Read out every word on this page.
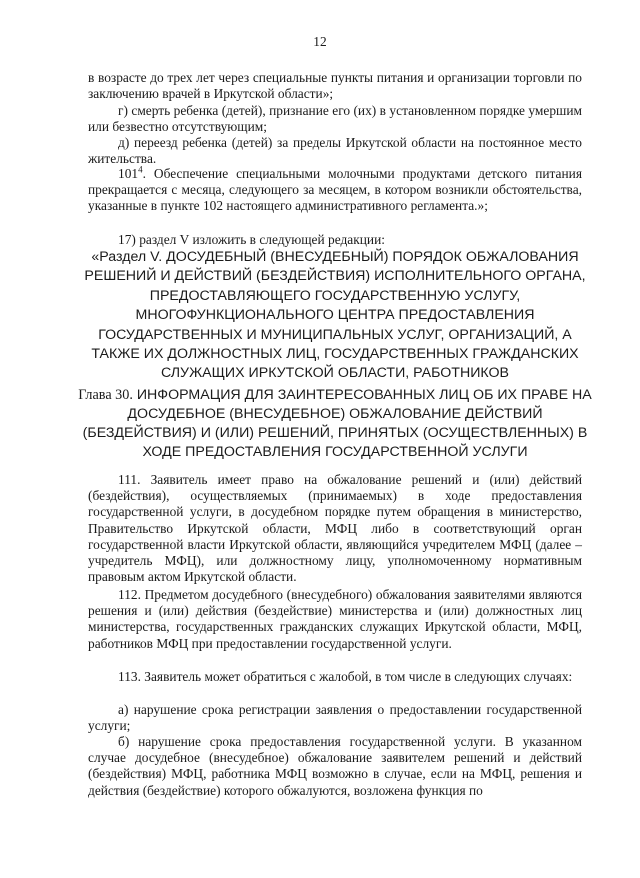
12

в возрасте до трех лет через специальные пункты питания и организации торговли по заключению врачей в Иркутской области»;

г) смерть ребенка (детей), признание его (их) в установленном порядке умершим или безвестно отсутствующим;

д) переезд ребенка (детей) за пределы Иркутской области на постоянное место жительства.

$101^4$. Обеспечение специальными молочными продуктами детского питания прекращается с месяца, следующего за месяцем, в котором возникли обстоятельства, указанные в пункте 102 настоящего административного регламента.»;

17) раздел V изложить в следующей редакции:

«Раздел V. ДОСУДЕБНЫЙ (ВНЕСУДЕБНЫЙ) ПОРЯДОК ОБЖАЛОВАНИЯ РЕШЕНИЙ И ДЕЙСТВИЙ (БЕЗДЕЙСТВИЯ) ИСПОЛНИТЕЛЬНОГО ОРГАНА, ПРЕДОСТАВЛЯЮЩЕГО ГОСУДАРСТВЕННУЮ УСЛУГУ, МНОГОФУНКЦИОНАЛЬНОГО ЦЕНТРА ПРЕДОСТАВЛЕНИЯ ГОСУДАРСТВЕННЫХ И МУНИЦИПАЛЬНЫХ УСЛУГ, ОРГАНИЗАЦИЙ, А ТАКЖЕ ИХ ДОЛЖНОСТНЫХ ЛИЦ, ГОСУДАРСТВЕННЫХ ГРАЖДАНСКИХ СЛУЖАЩИХ ИРКУТСКОЙ ОБЛАСТИ, РАБОТНИКОВ

Глава 30. ИНФОРМАЦИЯ ДЛЯ ЗАИНТЕРЕСОВАННЫХ ЛИЦ ОБ ИХ ПРАВЕ НА ДОСУДЕБНОЕ (ВНЕСУДЕБНОЕ) ОБЖАЛОВАНИЕ ДЕЙСТВИЙ (БЕЗДЕЙСТВИЯ) И (ИЛИ) РЕШЕНИЙ, ПРИНЯТЫХ (ОСУЩЕСТВЛЕННЫХ) В ХОДЕ ПРЕДОСТАВЛЕНИЯ ГОСУДАРСТВЕННОЙ УСЛУГИ

111. Заявитель имеет право на обжалование решений и (или) действий (бездействия), осуществляемых (принимаемых) в ходе предоставления государственной услуги, в досудебном порядке путем обращения в министерство, Правительство Иркутской области, МФЦ либо в соответствующий орган государственной власти Иркутской области, являющийся учредителем МФЦ (далее – учредитель МФЦ), или должностному лицу, уполномоченному нормативным правовым актом Иркутской области.

112. Предметом досудебного (внесудебного) обжалования заявителями являются решения и (или) действия (бездействие) министерства и (или) должностных лиц министерства, государственных гражданских служащих Иркутской области, МФЦ, работников МФЦ при предоставлении государственной услуги.

113. Заявитель может обратиться с жалобой, в том числе в следующих случаях:

а) нарушение срока регистрации заявления о предоставлении государственной услуги;

б) нарушение срока предоставления государственной услуги. В указанном случае досудебное (внесудебное) обжалование заявителем решений и действий (бездействия) МФЦ, работника МФЦ возможно в случае, если на МФЦ, решения и действия (бездействие) которого обжалуются, возложена функция по
